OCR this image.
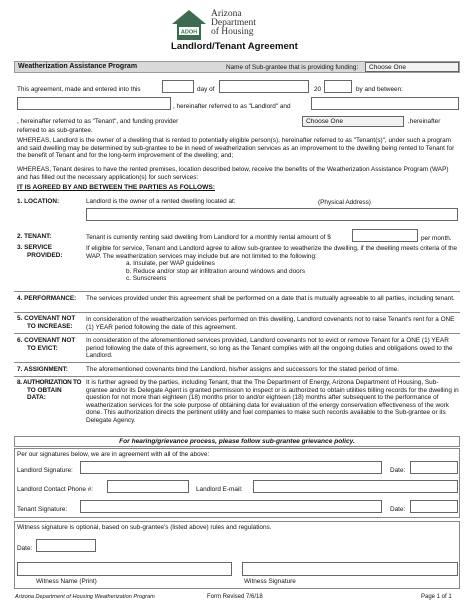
ADOH
Arizona
Department
of Housing
Landlord/Tenant Agreement
Weatherization Assistance Program	Name of Sub-grantee that is providing funding:	Choose One
This agreement, made and entered into this	day of	20	by and between:
, hereinafter referred to as "Landlord" and
, hereinafter referred to as "Tenant", and funding provider	Choose One	,hereinafter
referred to as sub-grantee.
WHEREAS, Landlord is the owner of a dwelling that is rented to potentially eligible person(s), hereinafter referred to as "Tenant(s)", under such a program and said dwelling may be determined by sub-grantee to be in need of weatherization services as an improvement to the dwelling being rented to Tenant for the benefit of Tenant and for the long-term improvement of the dwelling; and;
WHEREAS, Tenant desires to have the rented premises, location described below, receive the benefits of the Weatherization Assistance Program (WAP) and has filled out the necessary application(s) for such services:
IT IS AGREED BY AND BETWEEN THE PARTIES AS FOLLOWS:
1. LOCATION:	Landlord is the owner of a rented dwelling located at:	(Physical Address)
2. TENANT:	Tenant is currently renting said dwelling from Landlord for a monthly rental amount of $	per month.
3. SERVICE
PROVIDED:
If eligible for service, Tenant and Landlord agree to allow sub-grantee to weatherize the dwelling, if the dwelling meets criteria of the WAP. The weatherization services may include but are not limited to the following:
a. Insulate, per WAP guidelines
b. Reduce and/or stop air infiltration around windows and doors
c. Sunscreens
4. PERFORMANCE: The services provided under this agreement shall be performed on a date that is mutually agreeable to all parties, including tenant.
5. COVENANT NOT
TO INCREASE:
In consideration of the weatherization services performed on this dwelling, Landlord covenants not to raise Tenant's rent for a ONE (1) YEAR period following the date of this agreement.
6. COVENANT NOT
TO EVICT:
In consideration of the aforementioned services provided, Landlord covenants not to evict or remove Tenant for a ONE (1) YEAR period following the date of this agreement, so long as the Tenant complies with all the ongoing duties and obligations owed to the Landlord.
7. ASSIGNMENT:	The aforementioned covenants bind the Landlord, his/her assigns and successors for the stated period of time.
8. AUTHORIZATION TO
TO OBTAIN
DATA:
It is further agreed by the parties, including Tenant, that the The Department of Energy, Arizona Department of Housing, Sub-grantee and/or its Delegate Agent is granted permission to inspect or is authorized to obtain utilities billing records for the dwelling in question for not more than eighteen (18) months prior to and/or eighteen (18) months after subsequent to the performance of weatherization services for the sole purpose of obtaining data for evaluation of the energy conservation effectiveness of the work done. This authorization directs the pertinent utility and fuel companies to make such records available to the Sub-grantee or its Delegate Agency.
For hearing/grievance process, please follow sub-grantee grievance policy.
Per our signatures below, we are in agreement with all of the above:
Landlord Signature:	Date:
Landlord Contact Phone #:	Landlord E-mail:
Tenant Signature:	Date:
Witness signature is optional, based on sub-grantee's (listed above) rules and regulations.
Date:
Witness Name (Print)	Witness Signature
Arizona Department of Housing Weatherization Program	Form Revised 7/6/18	Page 1 of 1
